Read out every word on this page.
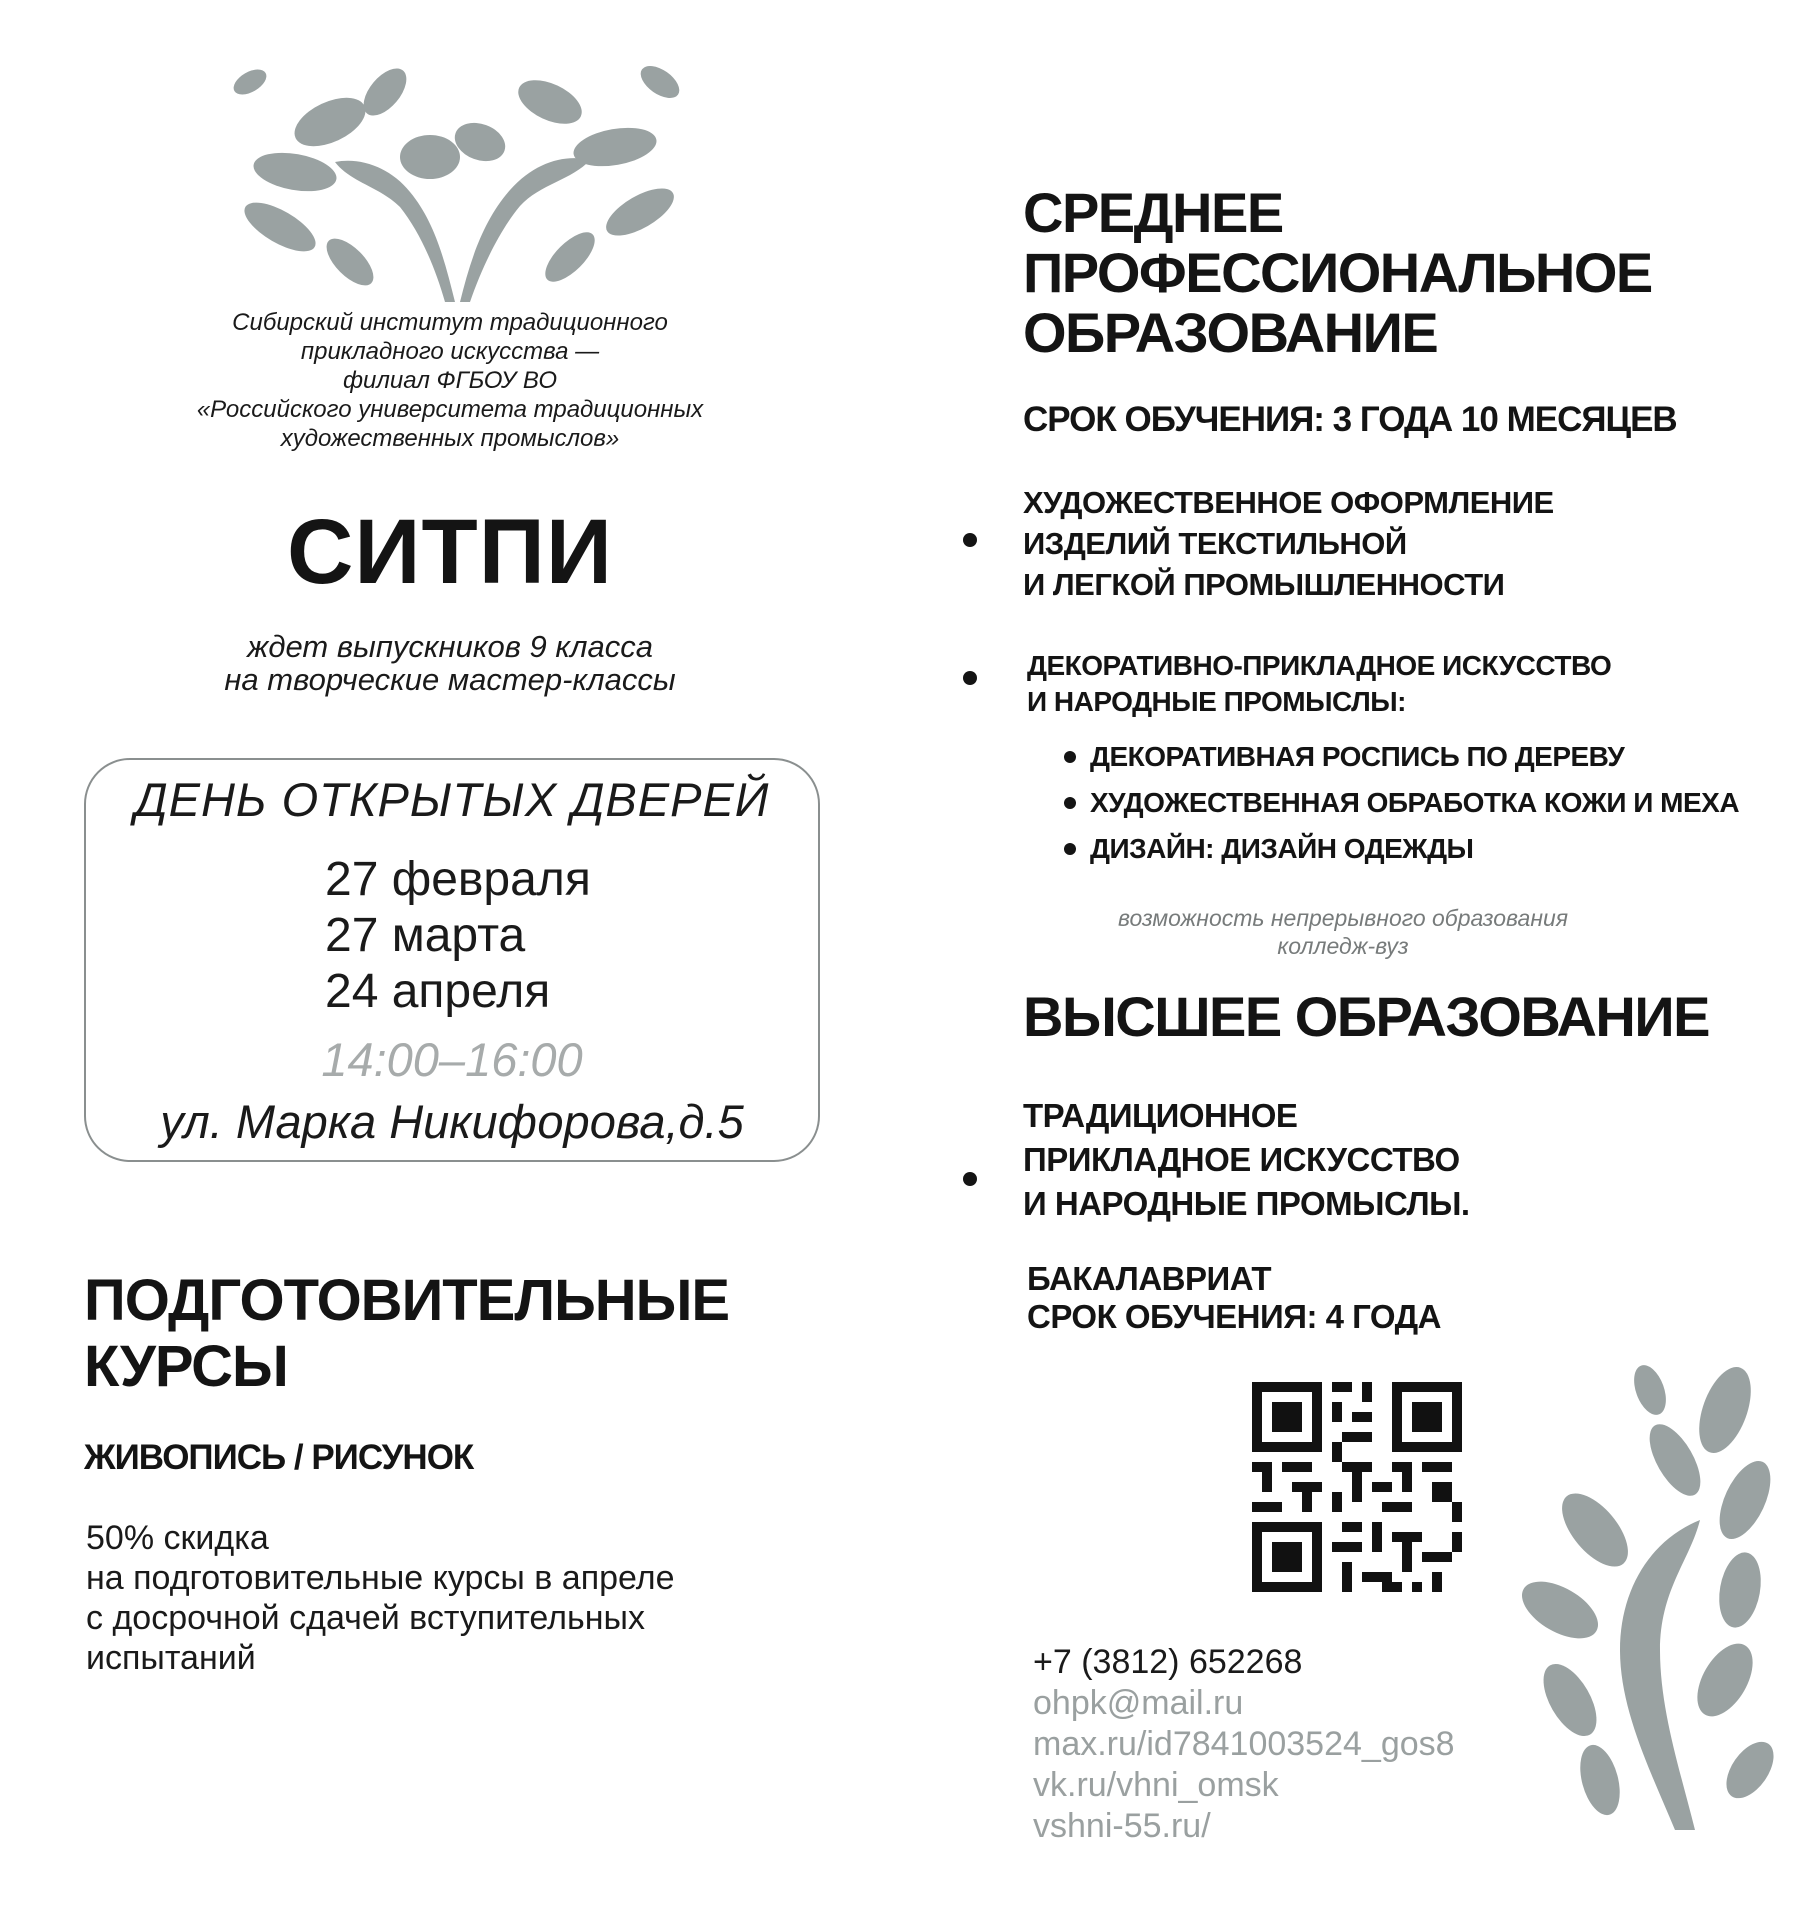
Сибирский институт традиционного
прикладного искусства —
филиал ФГБОУ ВО
«Российского университета традиционных
художественных промыслов»
СИТПИ
ждет выпускников 9 класса
на творческие мастер-классы
ДЕНЬ ОТКРЫТЫХ ДВЕРЕЙ
27 февраля
27 марта
24 апреля
14:00–16:00
ул. Марка Никифорова,д.5
ПОДГОТОВИТЕЛЬНЫЕ
КУРСЫ
ЖИВОПИСЬ / РИСУНОК
50% скидка
на подготовительные курсы в апреле
с досрочной сдачей вступительных
испытаний
СРЕДНЕЕ
ПРОФЕССИОНАЛЬНОЕ
ОБРАЗОВАНИЕ
СРОК ОБУЧЕНИЯ: 3 ГОДА 10 МЕСЯЦЕВ
ХУДОЖЕСТВЕННОЕ ОФОРМЛЕНИЕ
ИЗДЕЛИЙ ТЕКСТИЛЬНОЙ
И ЛЕГКОЙ ПРОМЫШЛЕННОСТИ
ДЕКОРАТИВНО-ПРИКЛАДНОЕ ИСКУССТВО
И НАРОДНЫЕ ПРОМЫСЛЫ:
ДЕКОРАТИВНАЯ РОСПИСЬ ПО ДЕРЕВУ
ХУДОЖЕСТВЕННАЯ ОБРАБОТКА КОЖИ И МЕХА
ДИЗАЙН: ДИЗАЙН ОДЕЖДЫ
возможность непрерывного образования
колледж-вуз
ВЫСШЕЕ ОБРАЗОВАНИЕ
ТРАДИЦИОННОЕ
ПРИКЛАДНОЕ ИСКУССТВО
И НАРОДНЫЕ ПРОМЫСЛЫ.
БАКАЛАВРИАТ
СРОК ОБУЧЕНИЯ: 4 ГОДА
+7 (3812) 652268
ohpk@mail.ru
max.ru/id7841003524_gos8
vk.ru/vhni_omsk
vshni-55.ru/
